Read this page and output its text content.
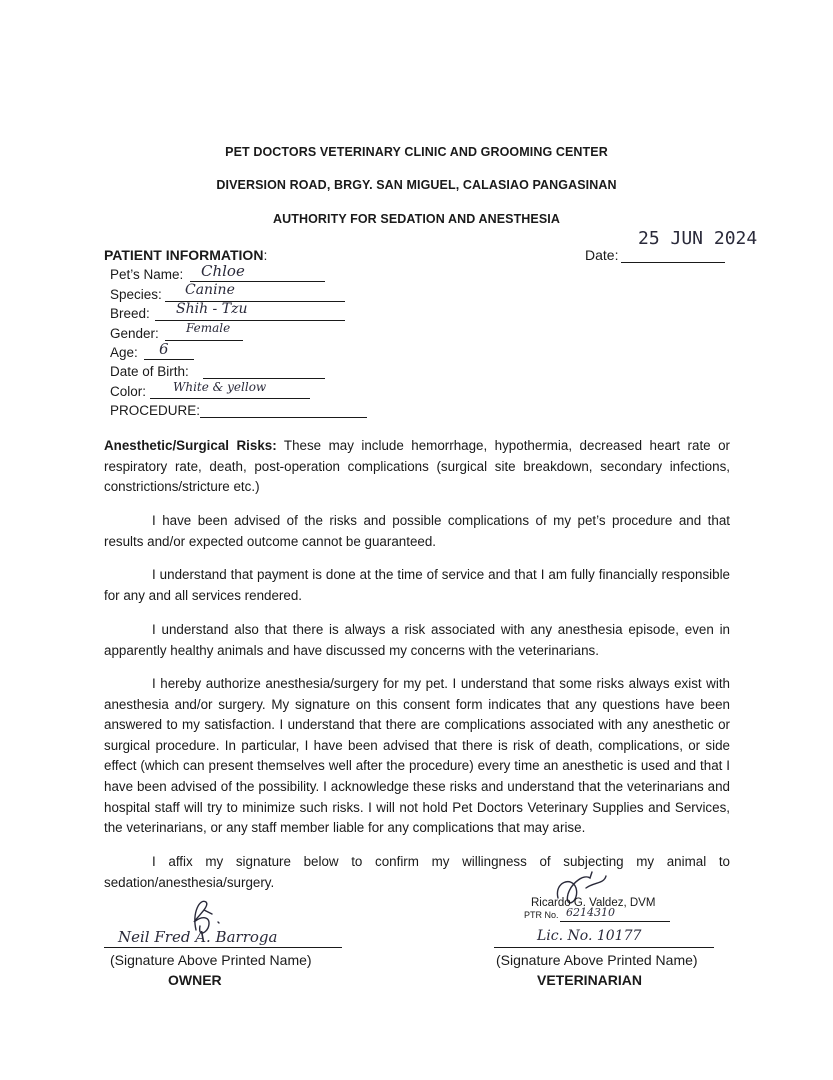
PET DOCTORS VETERINARY CLINIC AND GROOMING CENTER
DIVERSION ROAD, BRGY. SAN MIGUEL, CALASIAO PANGASINAN
AUTHORITY FOR SEDATION AND ANESTHESIA
Date:
25 JUN 2024
PATIENT INFORMATION:
Pet’s Name: Chloe
Species: Canine
Breed: Shih - Tzu
Gender: Female
Age: 6
Date of Birth:
Color: White & yellow
PROCEDURE:
Anesthetic/Surgical Risks: These may include hemorrhage, hypothermia, decreased heart rate or respiratory rate, death, post-operation complications (surgical site breakdown, secondary infections, constrictions/stricture etc.)
I have been advised of the risks and possible complications of my pet’s procedure and that results and/or expected outcome cannot be guaranteed.
I understand that payment is done at the time of service and that I am fully financially responsible for any and all services rendered.
I understand also that there is always a risk associated with any anesthesia episode, even in apparently healthy animals and have discussed my concerns with the veterinarians.
I hereby authorize anesthesia/surgery for my pet. I understand that some risks always exist with anesthesia and/or surgery. My signature on this consent form indicates that any questions have been answered to my satisfaction. I understand that there are complications associated with any anesthetic or surgical procedure. In particular, I have been advised that there is risk of death, complications, or side effect (which can present themselves well after the procedure) every time an anesthetic is used and that I have been advised of the possibility. I acknowledge these risks and understand that the veterinarians and hospital staff will try to minimize such risks. I will not hold Pet Doctors Veterinary Supplies and Services, the veterinarians, or any staff member liable for any complications that may arise.
I affix my signature below to confirm my willingness of subjecting my animal to sedation/anesthesia/surgery.
Neil Fred A. Barroga
(Signature Above Printed Name)
OWNER
Ricardo G. Valdez, DVM
PTR No. 6214310
Lic. No. 10177
(Signature Above Printed Name)
VETERINARIAN
